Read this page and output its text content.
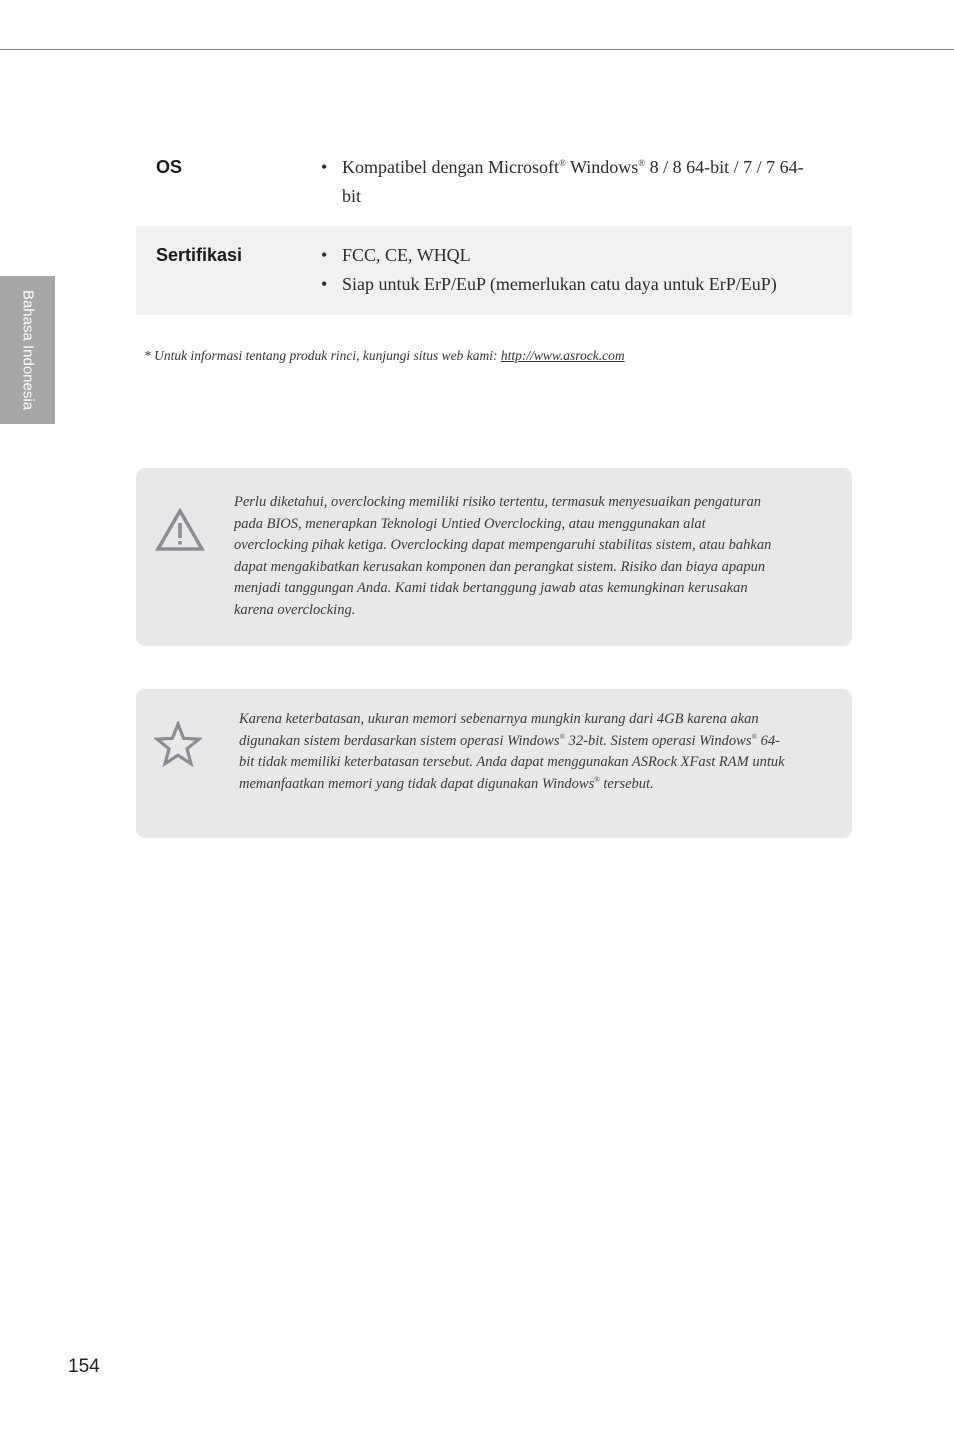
Bahasa Indonesia
OS	• Kompatibel dengan Microsoft® Windows® 8 / 8 64-bit / 7 / 7 64-bit
Sertifikasi	• FCC, CE, WHQL
• Siap untuk ErP/EuP (memerlukan catu daya untuk ErP/EuP)
* Untuk informasi tentang produk rinci, kunjungi situs web kami: http://www.asrock.com
Perlu diketahui, overclocking memiliki risiko tertentu, termasuk menyesuaikan pengaturan pada BIOS, menerapkan Teknologi Untied Overclocking, atau menggunakan alat overclocking pihak ketiga. Overclocking dapat mempengaruhi stabilitas sistem, atau bahkan dapat mengakibatkan kerusakan komponen dan perangkat sistem. Risiko dan biaya apapun menjadi tanggungan Anda. Kami tidak bertanggung jawab atas kemungkinan kerusakan karena overclocking.
Karena keterbatasan, ukuran memori sebenarnya mungkin kurang dari 4GB karena akan digunakan sistem berdasarkan sistem operasi Windows® 32-bit. Sistem operasi Windows® 64-bit tidak memiliki keterbatasan tersebut. Anda dapat menggunakan ASRock XFast RAM untuk memanfaatkan memori yang tidak dapat digunakan Windows® tersebut.
154
